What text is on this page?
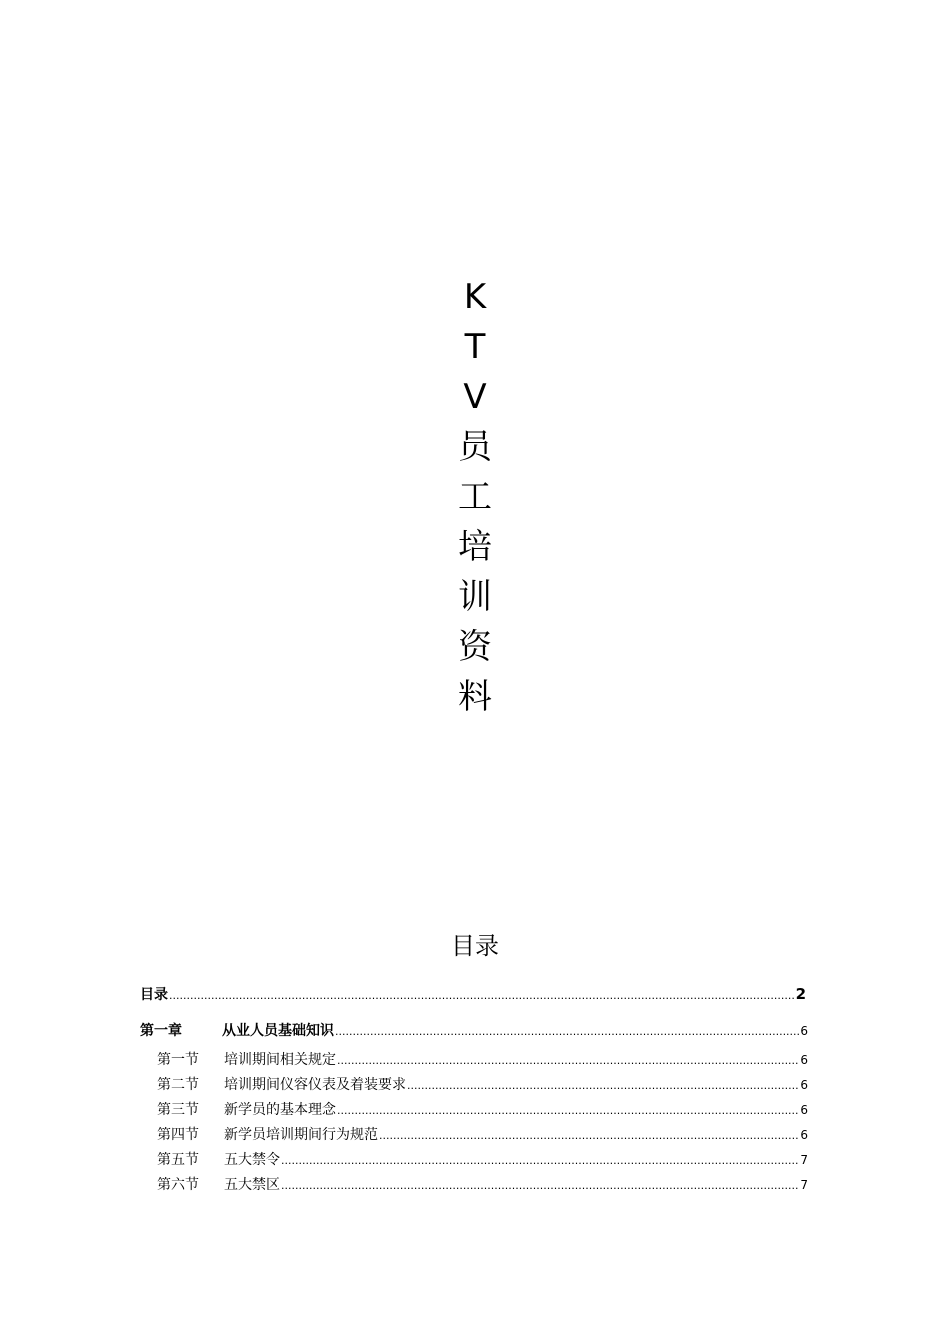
K
T
V
员
工
培
训
资
料
目录
目录 .....	2
第一章	从业人员基础知识 .....	6
第一节 培训期间相关规定 .....	6
第二节 培训期间仪容仪表及着装要求 .....	6
第三节 新学员的基本理念 .....	6
第四节 新学员培训期间行为规范 .....	6
第五节 五大禁令 .....	7
第六节 五大禁区 .....	7
